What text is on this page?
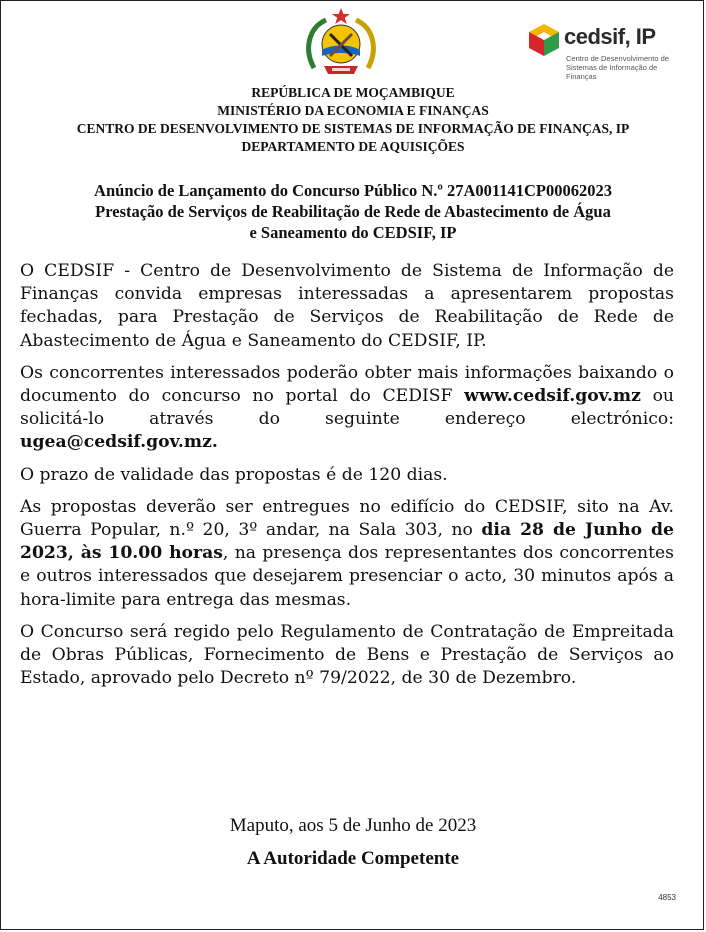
cedsif, IP
Centro de Desenvolvimento de
Sistemas de Informação de Finanças
REPÚBLICA DE MOÇAMBIQUE
MINISTÉRIO DA ECONOMIA E FINANÇAS
CENTRO DE DESENVOLVIMENTO DE SISTEMAS DE INFORMAÇÃO DE FINANÇAS, IP
DEPARTAMENTO DE AQUISIÇÕES
Anúncio de Lançamento do Concurso Público N.º 27A001141CP00062023
Prestação de Serviços de Reabilitação de Rede de Abastecimento de Água
e Saneamento do CEDSIF, IP

O CEDSIF - Centro de Desenvolvimento de Sistema de Informação de Finanças convida empresas interessadas a apresentarem propostas fechadas, para Prestação de Serviços de Reabilitação de Rede de Abastecimento de Água e Saneamento do CEDSIF, IP.

Os concorrentes interessados poderão obter mais informações baixando o documento do concurso no portal do CEDISF www.cedsif.gov.mz ou solicitá-lo através do seguinte endereço electrónico: ugea@cedsif.gov.mz.

O prazo de validade das propostas é de 120 dias.

As propostas deverão ser entregues no edifício do CEDSIF, sito na Av. Guerra Popular, n.º 20, 3º andar, na Sala 303, no dia 28 de Junho de 2023, às 10.00 horas, na presença dos representantes dos concorrentes e outros interessados que desejarem presenciar o acto, 30 minutos após a hora-limite para entrega das mesmas.

O Concurso será regido pelo Regulamento de Contratação de Empreitada de Obras Públicas, Fornecimento de Bens e Prestação de Serviços ao Estado, aprovado pelo Decreto nº 79/2022, de 30 de Dezembro.

Maputo, aos 5 de Junho de 2023
A Autoridade Competente
4853
